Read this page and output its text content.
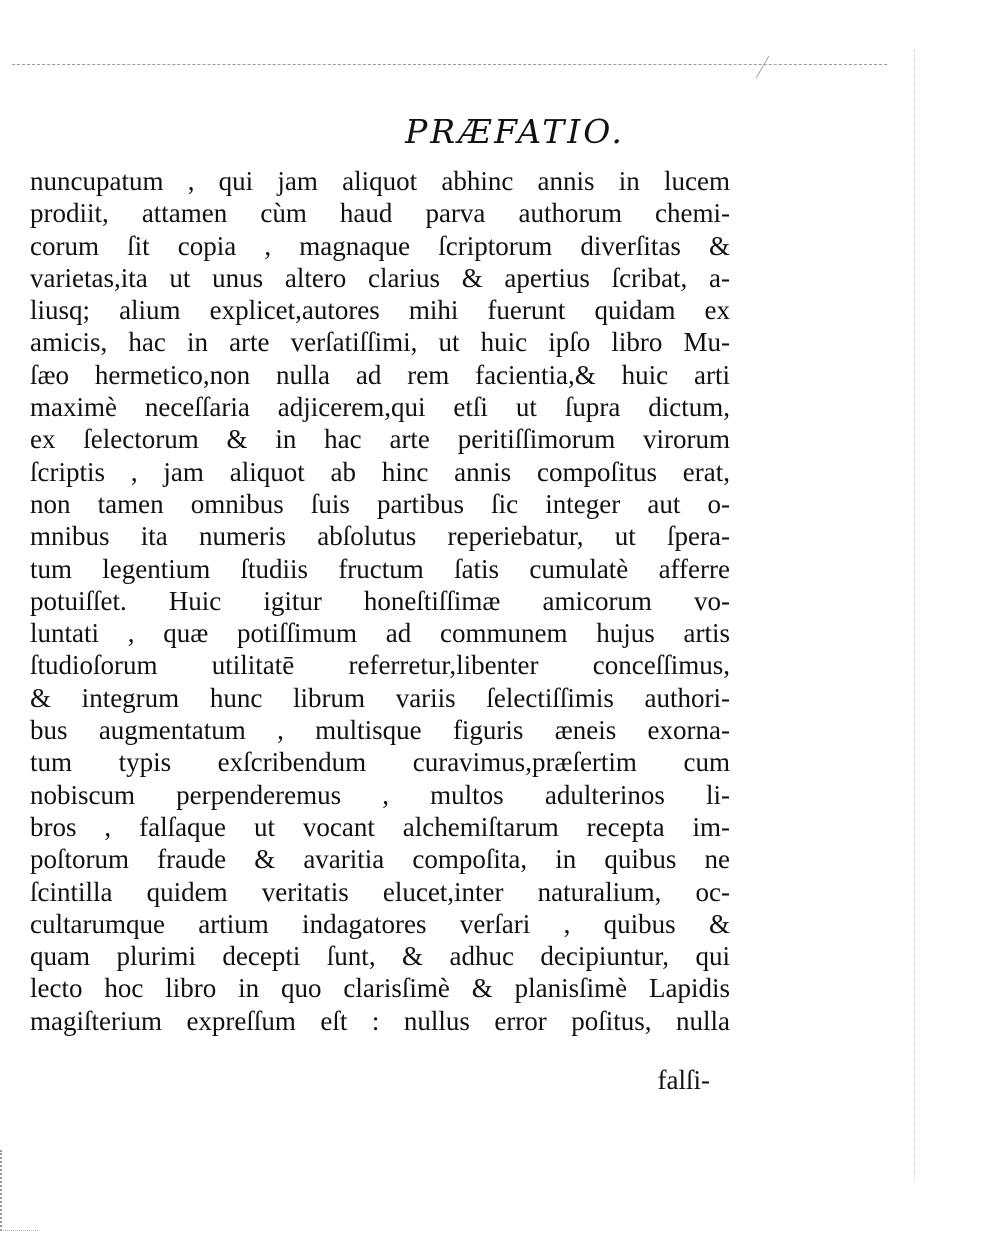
PRÆFATIO.
nuncupatum , qui jam aliquot abhinc annis in lucem
prodiit, attamen cùm haud parva authorum chemi-
corum ſit copia , magnaque ſcriptorum diverſitas &
varietas,ita ut unus altero clarius & apertius ſcribat, a-
liusq; alium explicet,autores mihi fuerunt quidam ex
amicis, hac in arte verſatiſſimi, ut huic ipſo libro Mu-
ſæo hermetico,non nulla ad rem facientia,& huic arti
maximè neceſſaria adjicerem,qui etſi ut ſupra dictum,
ex ſelectorum & in hac arte peritiſſimorum virorum
ſcriptis , jam aliquot ab hinc annis compoſitus erat,
non tamen omnibus ſuis partibus ſic integer aut o-
mnibus ita numeris abſolutus reperiebatur, ut ſpera-
tum legentium ſtudiis fructum ſatis cumulatè afferre
potuiſſet. Huic igitur honeſtiſſimæ amicorum vo-
luntati , quæ potiſſimum ad communem hujus artis
ſtudioſorum utilitatē referretur,libenter conceſſimus,
& integrum hunc librum variis ſelectiſſimis authori-
bus augmentatum , multisque figuris æneis exorna-
tum typis exſcribendum curavimus,præſertim cum
nobiscum perpenderemus , multos adulterinos li-
bros , falſaque ut vocant alchemiſtarum recepta im-
poſtorum fraude & avaritia compoſita, in quibus ne
ſcintilla quidem veritatis elucet,inter naturalium, oc-
cultarumque artium indagatores verſari , quibus &
quam plurimi decepti ſunt, & adhuc decipiuntur, qui
lecto hoc libro in quo clarisſimè & planisſimè Lapidis
magiſterium expreſſum eſt : nullus error poſitus, nulla
falſi-
